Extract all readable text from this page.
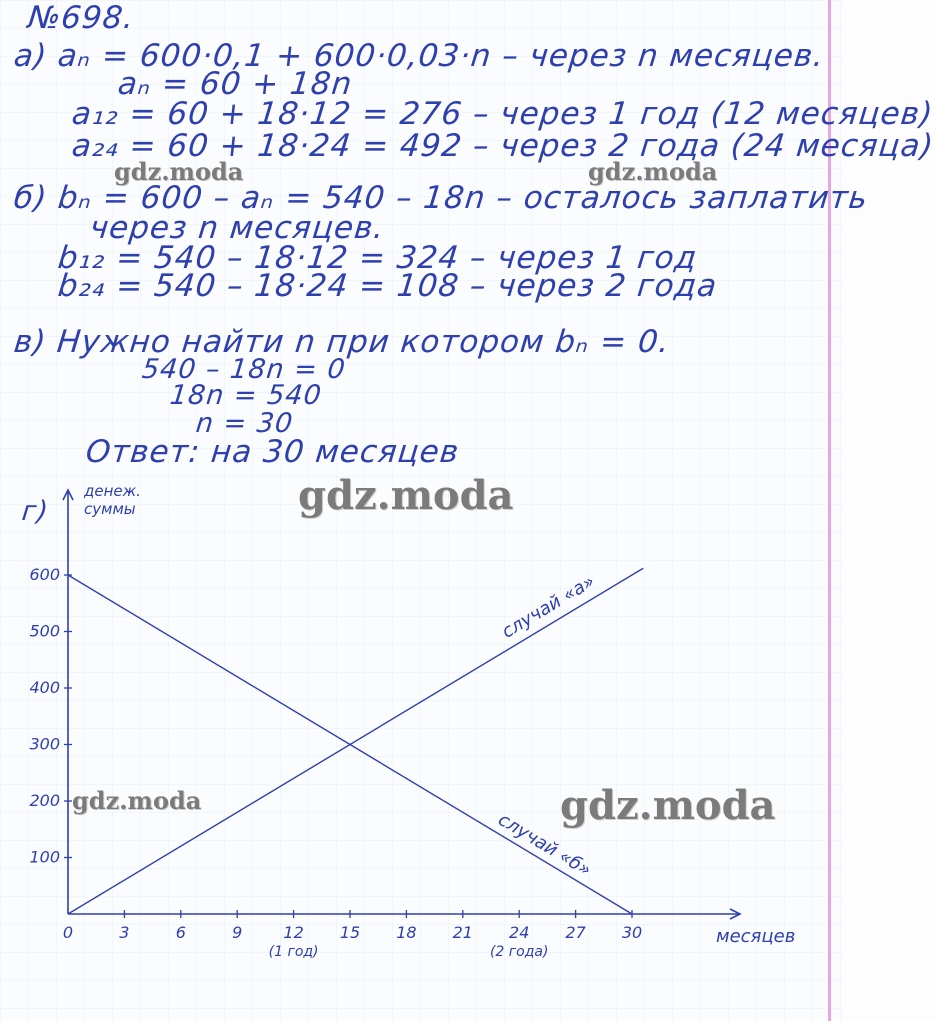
№698.
a) aₙ = 600·0,1 + 600·0,03·n – через n месяцев.
aₙ = 60 + 18n
a₁₂ = 60 + 18·12 = 276 – через 1 год (12 месяцев)
a₂₄ = 60 + 18·24 = 492 – через 2 года (24 месяца)
б) bₙ = 600 – aₙ = 540 – 18n – осталось заплатить
через n месяцев.
b₁₂ = 540 – 18·12 = 324 – через 1 год
b₂₄ = 540 – 18·24 = 108 – через 2 года
в) Нужно найти n при котором bₙ = 0.
540 – 18n = 0
18n = 540
n = 30
Ответ: на 30 месяцев
г)
gdz.moda	gdz.moda
gdz.moda
gdz.moda	gdz.moda
0	3	6	9	12 15 18 21 24 27 30
100
200
300
400
500
600
(1 год)	(2 года)
денеж.
суммы
месяцев
случай «а»
случай «б»
